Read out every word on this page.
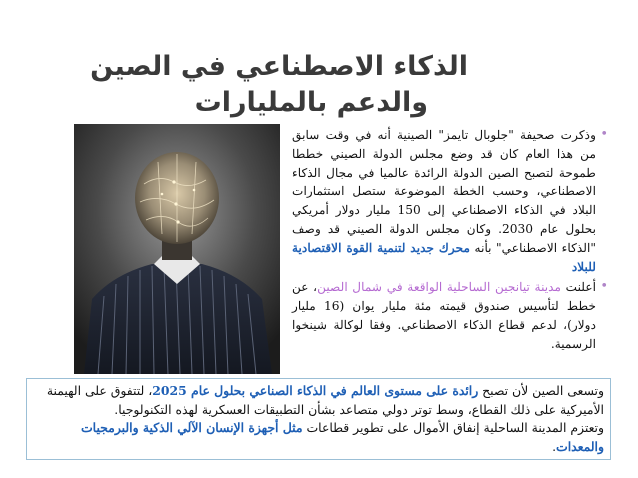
الذكاء الاصطناعي في الصين
والدعم بالمليارات

•
وذكرت صحيفة "جلوبال تايمز" الصينية أنه في وقت سابق من هذا العام كان قد وضع مجلس الدولة الصيني خططا طموحة لتصبح الصين الدولة الرائدة عالميا في مجال الذكاء الاصطناعي، وحسب الخطة الموضوعة ستصل استثمارات البلاد في الذكاء الاصطناعي إلى 150 مليار دولار أمريكي بحلول عام 2030. وكان مجلس الدولة الصيني قد وصف "الذكاء الاصطناعي" بأنه محرك جديد لتنمية القوة الاقتصادية للبلاد

•
أعلنت مدينة تيانجين الساحلية الواقعة في شمال الصين، عن خطط لتأسيس صندوق قيمته مئة مليار يوان (16 مليار دولار)، لدعم قطاع الذكاء الاصطناعي. وفقا لوكالة شينخوا الرسمية.

وتسعى الصين لأن تصبح رائدة على مستوى العالم في الذكاء الصناعي بحلول عام 2025، لتتفوق على الهيمنة الأميركية على ذلك القطاع، وسط توتر دولي متصاعد بشأن التطبيقات العسكرية لهذه التكنولوجيا.
وتعتزم المدينة الساحلية إنفاق الأموال على تطوير قطاعات مثل أجهزة الإنسان الآلي الذكية والبرمجيات والمعدات.
